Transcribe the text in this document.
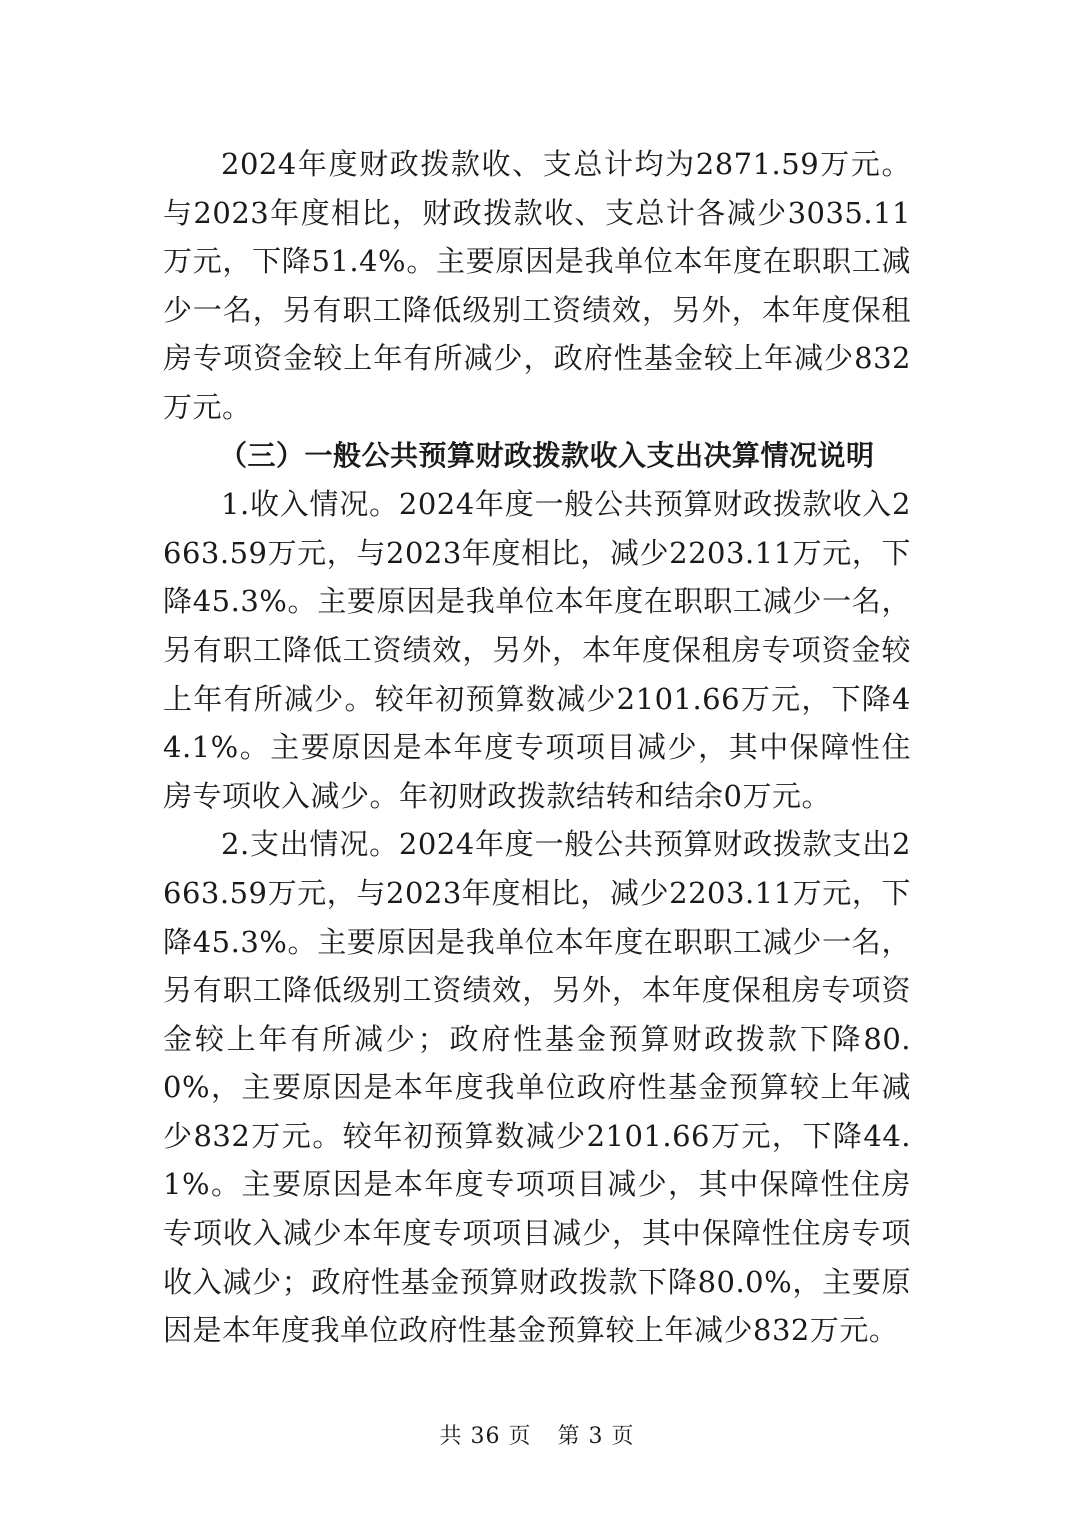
2024年度财政拨款收、支总计均为2871.59万元。与2023年度相比，财政拨款收、支总计各减少3035.11万元，下降51.4%。主要原因是我单位本年度在职职工减少一名，另有职工降低级别工资绩效，另外，本年度保租房专项资金较上年有所减少，政府性基金较上年减少832万元。

（三）一般公共预算财政拨款收入支出决算情况说明

1.收入情况。2024年度一般公共预算财政拨款收入2663.59万元，与2023年度相比，减少2203.11万元，下降45.3%。主要原因是我单位本年度在职职工减少一名，另有职工降低工资绩效，另外，本年度保租房专项资金较上年有所减少。较年初预算数减少2101.66万元，下降44.1%。主要原因是本年度专项项目减少，其中保障性住房专项收入减少。年初财政拨款结转和结余0万元。

2.支出情况。2024年度一般公共预算财政拨款支出2663.59万元，与2023年度相比，减少2203.11万元，下降45.3%。主要原因是我单位本年度在职职工减少一名，另有职工降低级别工资绩效，另外，本年度保租房专项资金较上年有所减少；政府性基金预算财政拨款下降80.0%，主要原因是本年度我单位政府性基金预算较上年减少832万元。较年初预算数减少2101.66万元，下降44.1%。主要原因是本年度专项项目减少，其中保障性住房专项收入减少本年度专项项目减少，其中保障性住房专项收入减少；政府性基金预算财政拨款下降80.0%，主要原因是本年度我单位政府性基金预算较上年减少832万元。

共 36 页 第 3 页
